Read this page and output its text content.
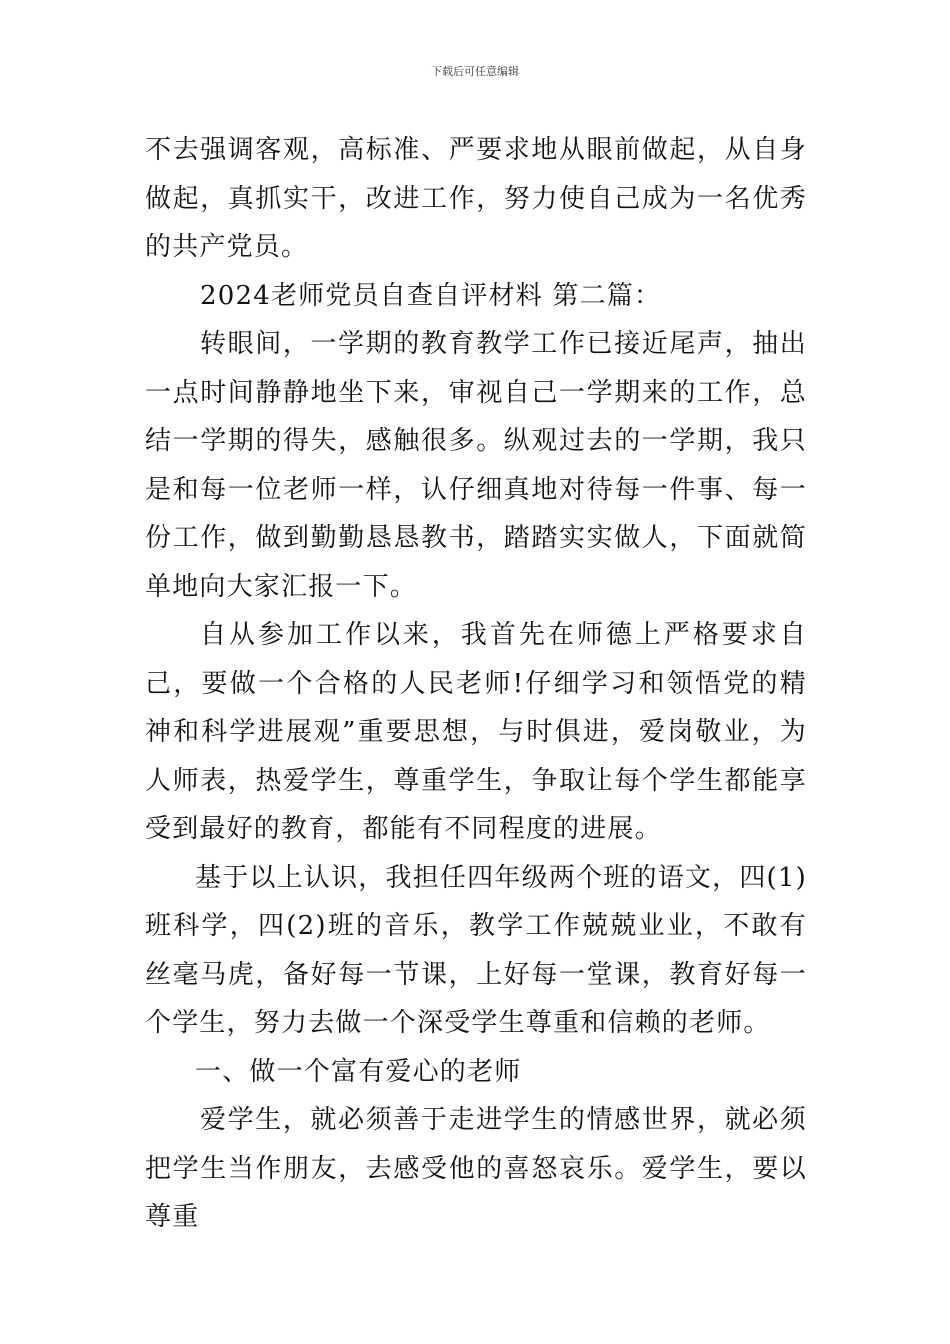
下载后可任意编辑

不去强调客观，高标准、严要求地从眼前做起，从自身做起，真抓实干，改进工作，努力使自己成为一名优秀的共产党员。

2024老师党员自查自评材料 第二篇：

转眼间，一学期的教育教学工作已接近尾声，抽出一点时间静静地坐下来，审视自己一学期来的工作，总结一学期的得失，感触很多。纵观过去的一学期，我只是和每一位老师一样，认仔细真地对待每一件事、每一份工作，做到勤勤恳恳教书，踏踏实实做人，下面就简单地向大家汇报一下。

自从参加工作以来，我首先在师德上严格要求自己，要做一个合格的人民老师!仔细学习和领悟党的精神和科学进展观”重要思想，与时俱进，爱岗敬业，为人师表，热爱学生，尊重学生，争取让每个学生都能享受到最好的教育，都能有不同程度的进展。

基于以上认识，我担任四年级两个班的语文，四(1)班科学，四(2)班的音乐，教学工作兢兢业业，不敢有丝毫马虎，备好每一节课，上好每一堂课，教育好每一个学生，努力去做一个深受学生尊重和信赖的老师。

一、做一个富有爱心的老师

爱学生，就必须善于走进学生的情感世界，就必须把学生当作朋友，去感受他的喜怒哀乐。爱学生，要以尊重
